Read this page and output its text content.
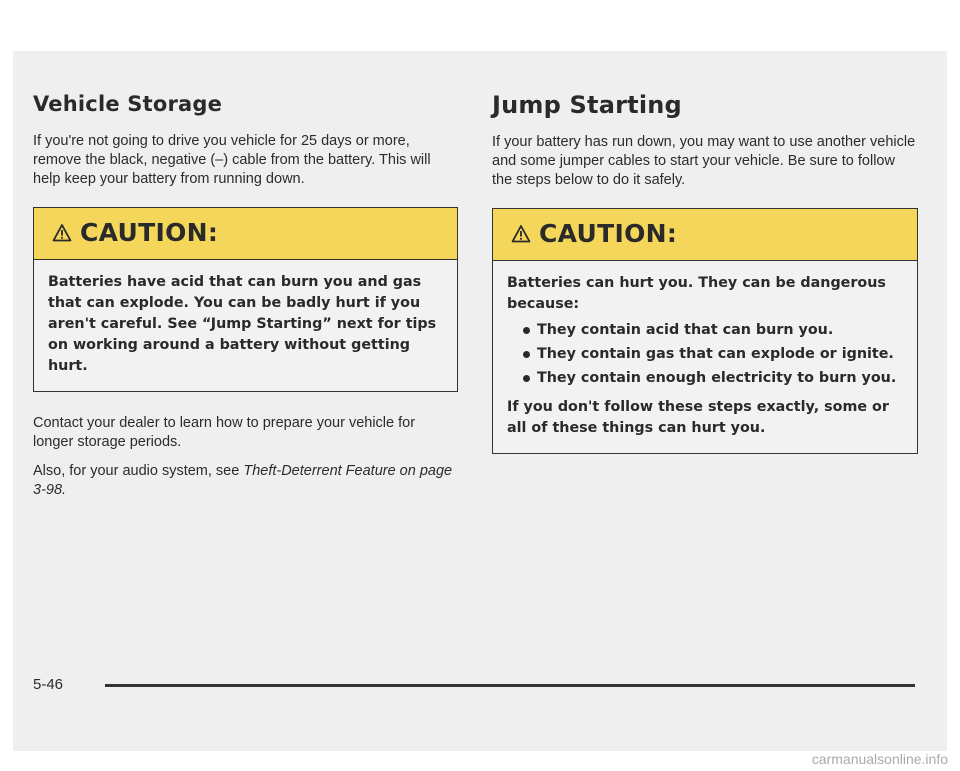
Vehicle Storage

If you're not going to drive you vehicle for 25 days or more, remove the black, negative (–) cable from the battery. This will help keep your battery from running down.

CAUTION:

Batteries have acid that can burn you and gas that can explode. You can be badly hurt if you aren't careful. See “Jump Starting” next for tips on working around a battery without getting hurt.

Contact your dealer to learn how to prepare your vehicle for longer storage periods.

Also, for your audio system, see Theft-Deterrent Feature on page 3-98.

Jump Starting

If your battery has run down, you may want to use another vehicle and some jumper cables to start your vehicle. Be sure to follow the steps below to do it safely.

CAUTION:

Batteries can hurt you. They can be dangerous because:

They contain acid that can burn you.
They contain gas that can explode or ignite.
They contain enough electricity to burn you.

If you don't follow these steps exactly, some or all of these things can hurt you.

5-46
carmanualsonline.info
